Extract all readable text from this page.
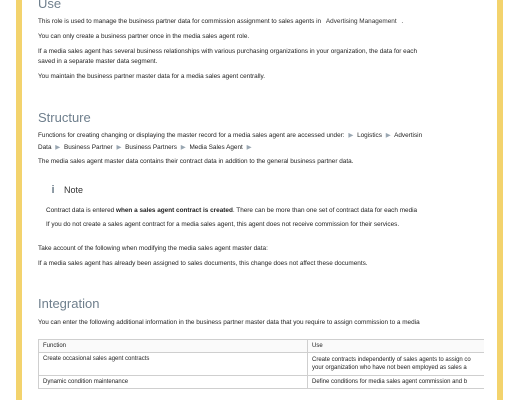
Use
This role is used to manage the business partner data for commission assignment to sales agents in Advertising Management .
You can only create a business partner once in the media sales agent role.
If a media sales agent has several business relationships with various purchasing organizations in your organization, the data for each
saved in a separate master data segment.
You maintain the business partner master data for a media sales agent centrally.
Structure
Functions for creating changing or displaying the master record for a media sales agent are accessed under: ▶ Logistics ▶ Advertisin
Data ▶ Business Partner ▶ Business Partners ▶ Media Sales Agent ▶
The media sales agent master data contains their contract data in addition to the general business partner data.
i Note
Contract data is entered when a sales agent contract is created. There can be more than one set of contract data for each media
If you do not create a sales agent contract for a media sales agent, this agent does not receive commission for their services.
Take account of the following when modifying the media sales agent master data:
If a media sales agent has already been assigned to sales documents, this change does not affect these documents.
Integration
You can enter the following additional information in the business partner master data that you require to assign commission to a media
Function	Use
Create occasional sales agent contracts	Create contracts independently of sales agents to assign co
your organization who have not been employed as sales a

Dynamic condition maintenance	Define conditions for media sales agent commission and b
